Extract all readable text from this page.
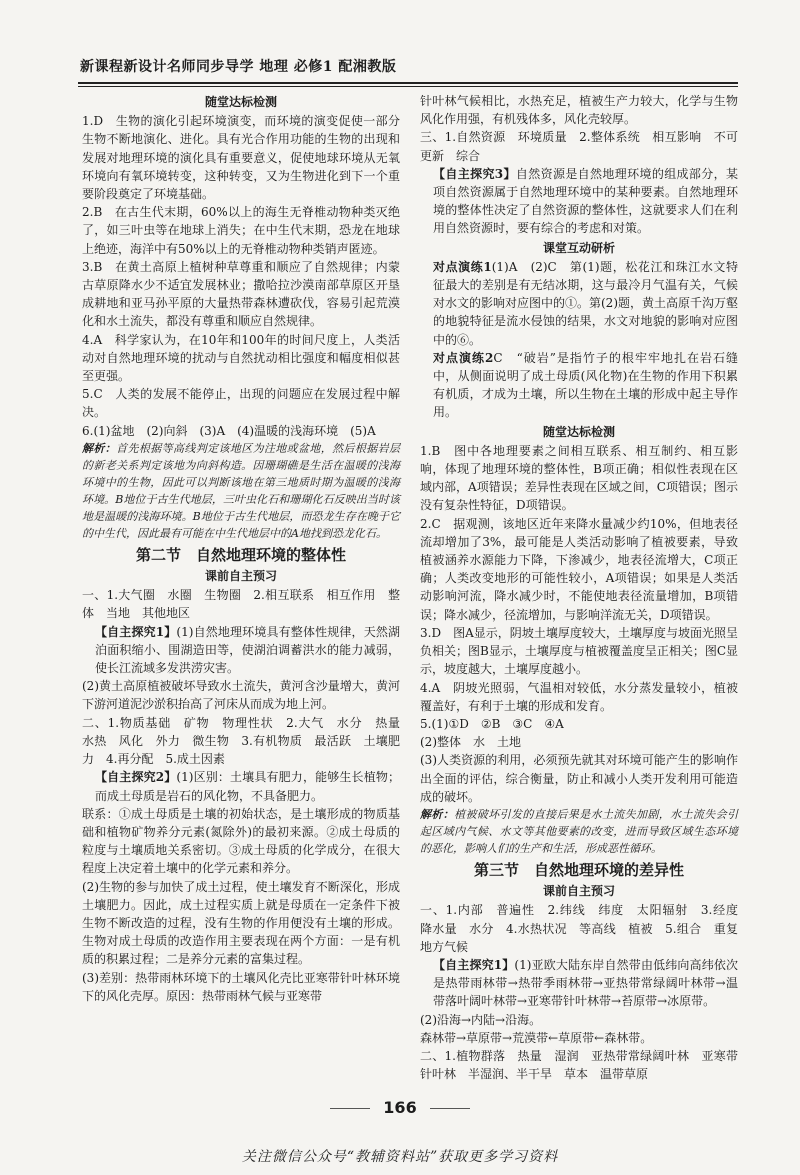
新课程新设计名师同步导学 地理 必修1 配湘教版
随堂达标检测
1.D　生物的演化引起环境演变，而环境的演变促使一部分生物不断地演化、进化。具有光合作用功能的生物的出现和发展对地理环境的演化具有重要意义，促使地球环境从无氧环境向有氧环境转变，这种转变，又为生物进化到下一个重要阶段奠定了环境基础。
2.B　在古生代末期，60%以上的海生无脊椎动物种类灭绝了，如三叶虫等在地球上消失；在中生代末期，恐龙在地球上绝迹，海洋中有50%以上的无脊椎动物种类销声匿迹。
3.B　在黄土高原上植树种草尊重和顺应了自然规律；内蒙古草原降水少不适宜发展林业；撒哈拉沙漠南部草原区开垦成耕地和亚马孙平原的大量热带森林遭砍伐，容易引起荒漠化和水土流失，都没有尊重和顺应自然规律。
4.A　科学家认为，在10年和100年的时间尺度上，人类活动对自然地理环境的扰动与自然扰动相比强度和幅度相似甚至更强。
5.C　人类的发展不能停止，出现的问题应在发展过程中解决。
6.(1)盆地　(2)向斜　(3)A　(4)温暖的浅海环境　(5)A
解析：首先根据等高线判定该地区为注地或盆地，然后根据岩层的新老关系判定该地为向斜构造。因珊瑚礁是生活在温暖的浅海环境中的生物，因此可以判断该地在第三地质时期为温暖的浅海环境。B地位于古生代地层，三叶虫化石和珊瑚化石反映出当时该地是温暖的浅海环境。B地位于古生代地层，而恐龙生存在晚于它的中生代，因此最有可能在中生代地层中的A地找到恐龙化石。
第二节　自然地理环境的整体性
课前自主预习
一、1.大气圈　水圈　生物圈　2.相互联系　相互作用　整体　当地　其他地区
【自主探究1】(1)自然地理环境具有整体性规律，天然湖泊面积缩小、围湖造田等，使湖泊调蓄洪水的能力减弱，使长江流域多发洪涝灾害。
(2)黄土高原植被破坏导致水土流失，黄河含沙量增大，黄河下游河道泥沙淤积抬高了河床从而成为地上河。
二、1.物质基础　矿物　物理性状　2.大气　水分　热量　水热　风化　外力　微生物　3.有机物质　最活跃　土壤肥力　4.再分配　5.成土因素
【自主探究2】(1)区别：土壤具有肥力，能够生长植物；而成土母质是岩石的风化物，不具备肥力。
联系：①成土母质是土壤的初始状态，是土壤形成的物质基础和植物矿物养分元素(氮除外)的最初来源。②成土母质的粒度与土壤质地关系密切。③成土母质的化学成分，在很大程度上决定着土壤中的化学元素和养分。
(2)生物的参与加快了成土过程，使土壤发育不断深化，形成土壤肥力。因此，成土过程实质上就是母质在一定条件下被生物不断改造的过程，没有生物的作用便没有土壤的形成。生物对成土母质的改造作用主要表现在两个方面：一是有机质的积累过程；二是养分元素的富集过程。
(3)差别：热带雨林环境下的土壤风化壳比亚寒带针叶林环境下的风化壳厚。原因：热带雨林气候与亚寒带
针叶林气候相比，水热充足，植被生产力较大，化学与生物风化作用强，有机残体多，风化壳较厚。
三、1.自然资源　环境质量　2.整体系统　相互影响　不可更新　综合
【自主探究3】自然资源是自然地理环境的组成部分，某项自然资源属于自然地理环境中的某种要素。自然地理环境的整体性决定了自然资源的整体性，这就要求人们在利用自然资源时，要有综合的考虑和对策。
课堂互动研析
对点演练1(1)A　(2)C　第(1)题，松花江和珠江水文特征最大的差别是有无结冰期，这与最冷月气温有关，气候对水文的影响对应图中的①。第(2)题，黄土高原千沟万壑的地貌特征是流水侵蚀的结果，水文对地貌的影响对应图中的⑥。
对点演练2C　“破岩”是指竹子的根牢牢地扎在岩石缝中，从侧面说明了成土母质(风化物)在生物的作用下积累有机质，才成为土壤，所以生物在土壤的形成中起主导作用。
随堂达标检测
1.B　图中各地理要素之间相互联系、相互制约、相互影响，体现了地理环境的整体性，B项正确；相似性表现在区域内部，A项错误；差异性表现在区域之间，C项错误；图示没有复杂性特征，D项错误。
2.C　据观测，该地区近年来降水量减少约10%，但地表径流却增加了3%，最可能是人类活动影响了植被要素，导致植被涵养水源能力下降，下渗减少，地表径流增大，C项正确；人类改变地形的可能性较小，A项错误；如果是人类活动影响河流，降水减少时，不能使地表径流量增加，B项错误；降水减少，径流增加，与影响洋流无关，D项错误。
3.D　图A显示，阴坡土壤厚度较大，土壤厚度与坡面光照呈负相关；图B显示，土壤厚度与植被覆盖度呈正相关；图C显示，坡度越大，土壤厚度越小。
4.A　阴坡光照弱，气温相对较低，水分蒸发量较小，植被覆盖好，有利于土壤的形成和发育。
5.(1)①D　②B　③C　④A
(2)整体　水　土地
(3)人类资源的利用，必须预先就其对环境可能产生的影响作出全面的评估，综合衡量，防止和减小人类开发利用可能造成的破坏。
解析：植被破坏引发的直接后果是水土流失加剧，水土流失会引起区域内气候、水文等其他要素的改变，进而导致区域生态环境的恶化，影响人们的生产和生活，形成恶性循环。
第三节　自然地理环境的差异性
课前自主预习
一、1.内部　普遍性　2.纬线　纬度　太阳辐射　3.经度　降水量　水分　4.水热状况　等高线　植被　5.组合　重复　地方气候
【自主探究1】(1)亚欧大陆东岸自然带由低纬向高纬依次是热带雨林带→热带季雨林带→亚热带常绿阔叶林带→温带落叶阔叶林带→亚寒带针叶林带→苔原带→冰原带。
(2)沿海→内陆→沿海。
森林带→草原带→荒漠带←草原带←森林带。
二、1.植物群落　热量　湿润　亚热带常绿阔叶林　亚寒带针叶林　半湿润、半干旱　草本　温带草原
166
关注微信公众号“教辅资料站”获取更多学习资料
